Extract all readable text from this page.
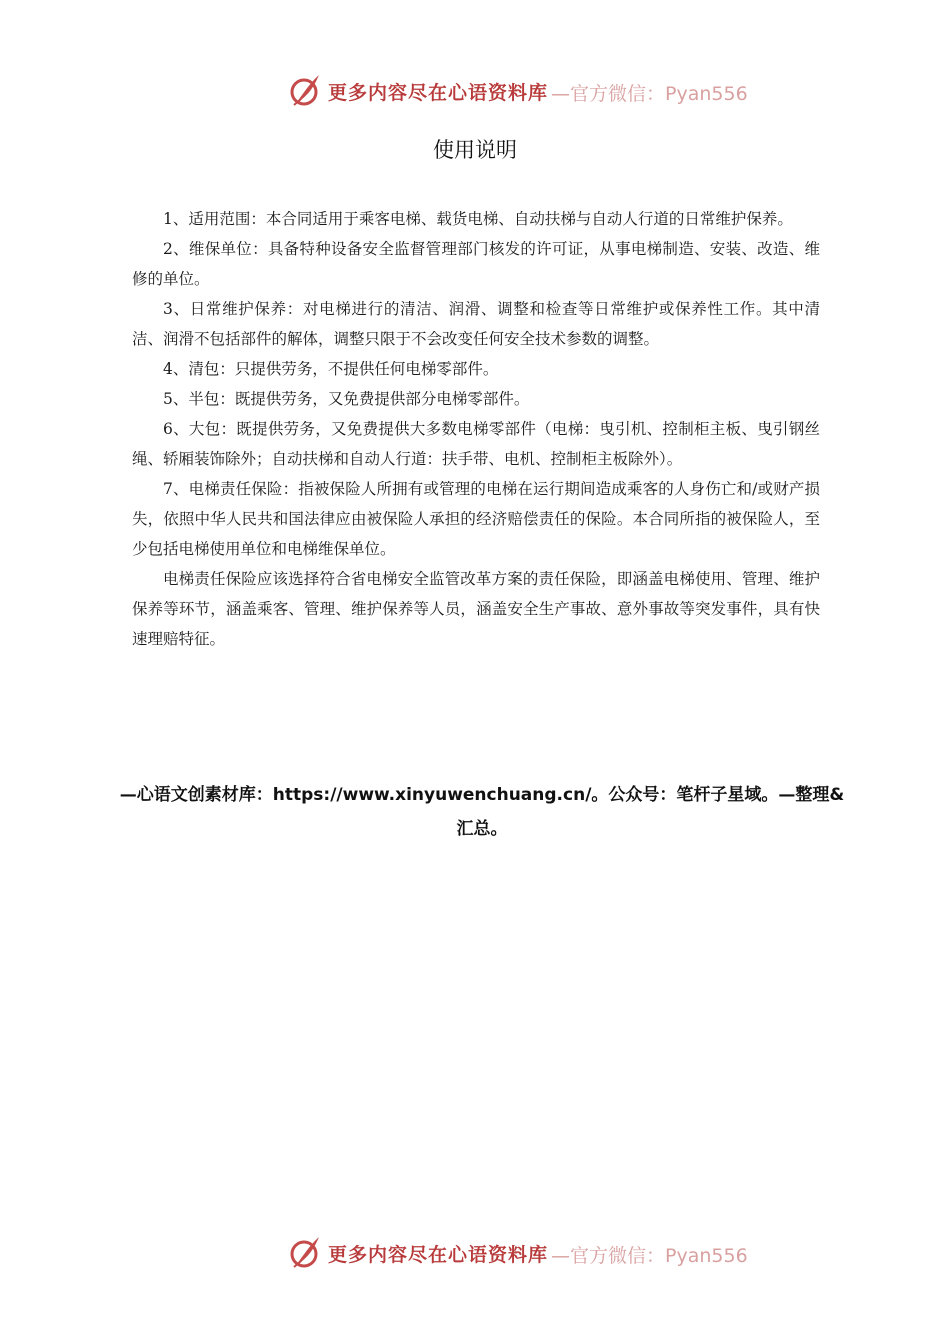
更多内容尽在心语资料库 —官方微信：Pyan556
使用说明

1、适用范围：本合同适用于乘客电梯、载货电梯、自动扶梯与自动人行道的日常维护保养。

2、维保单位：具备特种设备安全监督管理部门核发的许可证，从事电梯制造、安装、改造、维修的单位。

3、日常维护保养：对电梯进行的清洁、润滑、调整和检查等日常维护或保养性工作。其中清洁、润滑不包括部件的解体，调整只限于不会改变任何安全技术参数的调整。

4、清包：只提供劳务，不提供任何电梯零部件。

5、半包：既提供劳务，又免费提供部分电梯零部件。

6、大包：既提供劳务，又免费提供大多数电梯零部件（电梯：曳引机、控制柜主板、曳引钢丝绳、轿厢装饰除外；自动扶梯和自动人行道：扶手带、电机、控制柜主板除外）。

7、电梯责任保险：指被保险人所拥有或管理的电梯在运行期间造成乘客的人身伤亡和/或财产损失，依照中华人民共和国法律应由被保险人承担的经济赔偿责任的保险。本合同所指的被保险人，至少包括电梯使用单位和电梯维保单位。

电梯责任保险应该选择符合省电梯安全监管改革方案的责任保险，即涵盖电梯使用、管理、维护保养等环节，涵盖乘客、管理、维护保养等人员，涵盖安全生产事故、意外事故等突发事件，具有快速理赔特征。

—心语文创素材库：https://www.xinyuwenchuang.cn/。公众号：笔杆子星域。—整理&汇总。
更多内容尽在心语资料库 —官方微信：Pyan556
